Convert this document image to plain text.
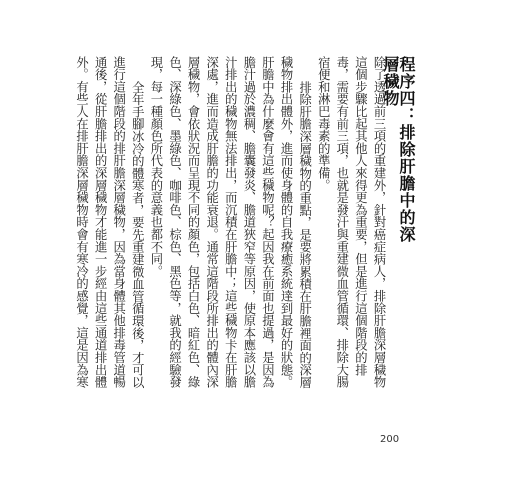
程序四：排除肝膽中的深層穢物

除了透過前三項的重建外，針對癌症病人，排除肝膽深層穢物這個步驟比起其他人來得更為重要，但是進行這個階段的排毒，需要有前三項，也就是發汗與重建微血管循環、排除大腸宿便和淋巴毒素的準備。

排除肝膽深層穢物的重點，是要將累積在肝膽裡面的深層穢物排出體外，進而使身體的自我療癒系統達到最好的狀態。肝膽中為什麼會有這些穢物呢？起因我在前面也提過，是因為膽汁過於濃稠、膽囊發炎、膽道狹窄等原因，使原本應該以膽汁排出的穢物無法排出，而沉積在肝膽中；這些穢物卡在肝膽深處，進而造成肝膽的功能衰退。通常這階段所排出的體內深層穢物，會依狀況而呈現不同的顏色，包括白色、暗紅色、綠色、深綠色、墨綠色、咖啡色、棕色、黑色等，就我的經驗發現，每一種顏色所代表的意義也都不同。

全年手腳冰冷的體寒者，要先重建微血管循環後，才可以進行這個階段的排肝膽深層穢物，因為當身體其他排毒管道暢通後，從肝膽排出的深層穢物才能進一步經由這些通道排出體外。有些人在排肝膽深層穢物時會有寒冷的感覺，這是因為寒

200
